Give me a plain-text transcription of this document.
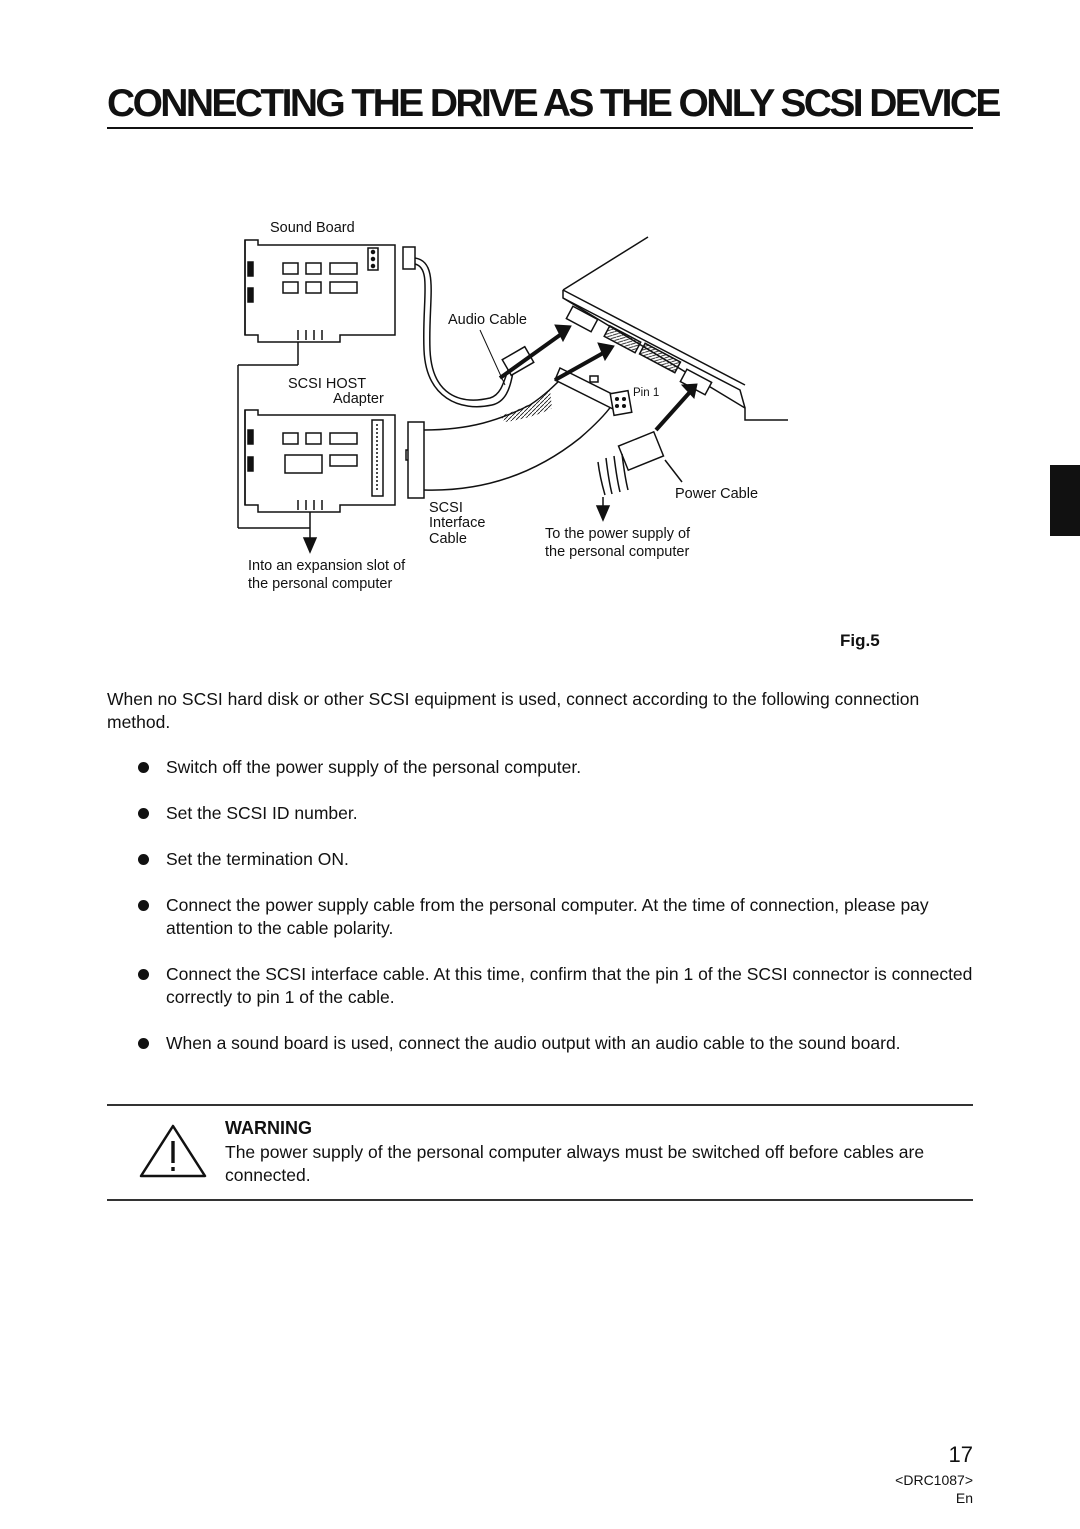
CONNECTING THE DRIVE AS THE ONLY SCSI DEVICE
Sound Board
Audio Cable
SCSI HOST
Adapter	Pin 1
Power Cable
SCSI
Interface
Cable	To the power supply of
the personal computer
Into an expansion slot of
the personal computer
Fig.5

When no SCSI hard disk or other SCSI equipment is used, connect according to the following connection method.

Switch off the power supply of the personal computer.
Set the SCSI ID number.
Set the termination ON.
Connect the power supply cable from the personal computer. At the time of connection, please pay attention to the cable polarity.
Connect the SCSI interface cable. At this time, confirm that the pin 1 of the SCSI connector is connected correctly to pin 1 of the cable.
When a sound board is used, connect the audio output with an audio cable to the sound board.
WARNING

The power supply of the personal computer always must be switched off before cables are connected.

17
<DRC1087>
En
